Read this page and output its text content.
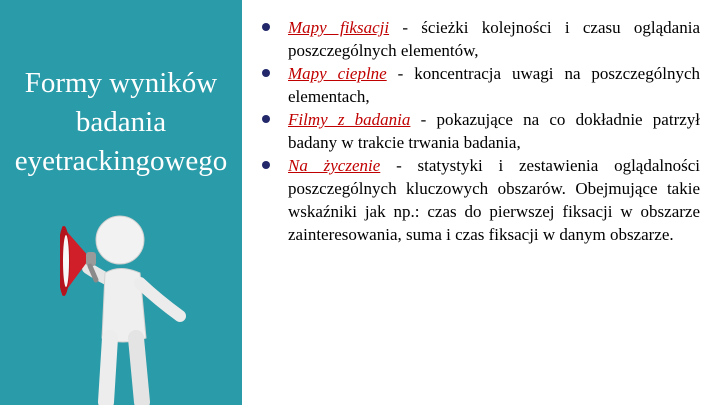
Formy wyników badania eyetrackingowego
Mapy fiksacji - ścieżki kolejności i czasu oglądania poszczególnych elementów,
Mapy cieplne - koncentracja uwagi na poszczególnych elementach,
Filmy z badania - pokazujące na co dokładnie patrzył badany w trakcie trwania badania,
Na życzenie - statystyki i zestawienia oglądalności poszczególnych kluczowych obszarów. Obejmujące takie wskaźniki jak np.: czas do pierwszej fiksacji w obszarze zainteresowania, suma i czas fiksacji w danym obszarze.
